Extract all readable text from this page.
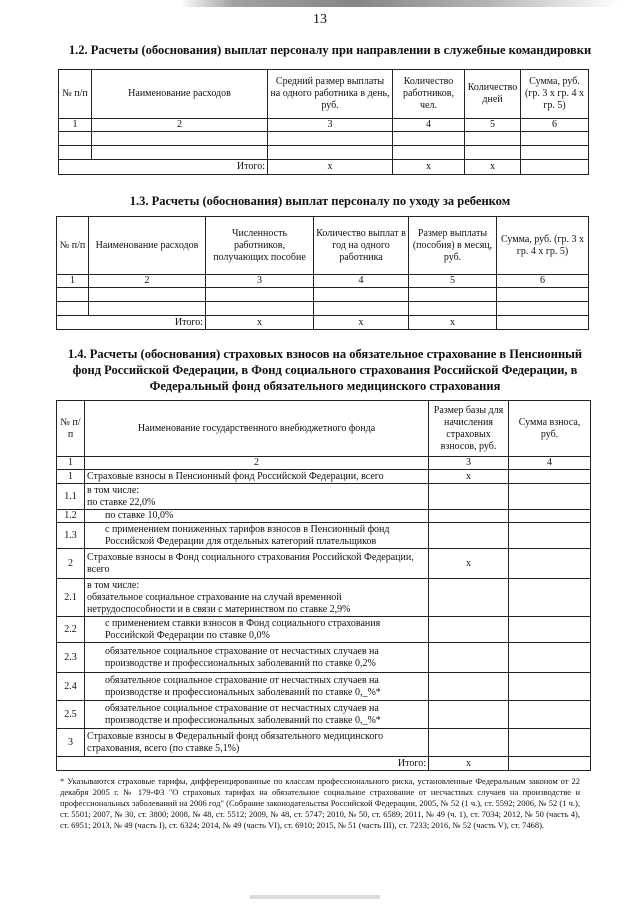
13
1.2. Расчеты (обоснования) выплат персоналу при направлении в служебные командировки
№ п/п	Наименование расходов	Средний размер выплаты на одного работника в день, руб.	Количество работников, чел.	Количество дней	Сумма, руб. (гр. 3 x гр. 4 x гр. 5)
1	2	3	4	5	6

Итого:		x	x	x	
1.3. Расчеты (обоснования) выплат персоналу по уходу за ребенком
№ п/п	Наименование расходов	Численность работников, получающих пособие	Количество выплат в год на одного работника	Размер выплаты (пособия) в месяц, руб.	Сумма, руб. (гр. 3 x гр. 4 x гр. 5)
1	2	3	4	5	6

Итого:		x	x	x	
1.4. Расчеты (обоснования) страховых взносов на обязательное страхование в Пенсионный фонд Российской Федерации, в Фонд социального страхования Российской Федерации, в Федеральный фонд обязательного медицинского страхования
№ п/п	Наименование государственного внебюджетного фонда	Размер базы для начисления страховых взносов, руб.	Сумма взноса, руб.
1	2	3	4
1	Страховые взносы в Пенсионный фонд Российской Федерации, всего	x	
1.1	в том числе:
по ставке 22,0%		
1.2	по ставке 10,0%		
1.3	с применением пониженных тарифов взносов в Пенсионный фонд Российской Федерации для отдельных категорий плательщиков		
2	Страховые взносы в Фонд социального страхования Российской Федерации, всего	x	
2.1	в том числе:
обязательное социальное страхование на случай временной нетрудоспособности и в связи с материнством по ставке 2,9%		
2.2	с применением ставки взносов в Фонд социального страхования Российской Федерации по ставке 0,0%		
2.3	обязательное социальное страхование от несчастных случаев на производстве и профессиональных заболеваний по ставке 0,2%		
2.4	обязательное социальное страхование от несчастных случаев на производстве и профессиональных заболеваний по ставке 0,_%*		
2.5	обязательное социальное страхование от несчастных случаев на производстве и профессиональных заболеваний по ставке 0,_%*		
3	Страховые взносы в Федеральный фонд обязательного медицинского страхования, всего (по ставке 5,1%)		
Итого:		x	
* Указываются страховые тарифы, дифференцированные по классам профессионального риска, установленные Федеральным законом от 22 декабря 2005 г. № 179-ФЗ "О страховых тарифах на обязательное социальное страхование от несчастных случаев на производстве и профессиональных заболеваний на 2006 год" (Собрание законодательства Российской Федерации, 2005, № 52 (1 ч.), ст. 5592; 2006, № 52 (1 ч.), ст. 5501; 2007, № 30, ст. 3800; 2008, № 48, ст. 5512; 2009, № 48, ст. 5747; 2010, № 50, ст. 6589; 2011, № 49 (ч. 1), ст. 7034; 2012, № 50 (часть 4), ст. 6951; 2013, № 49 (часть I), ст. 6324; 2014, № 49 (часть VI), ст. 6910; 2015, № 51 (часть III), ст. 7233; 2016, № 52 (часть V), ст. 7468).
